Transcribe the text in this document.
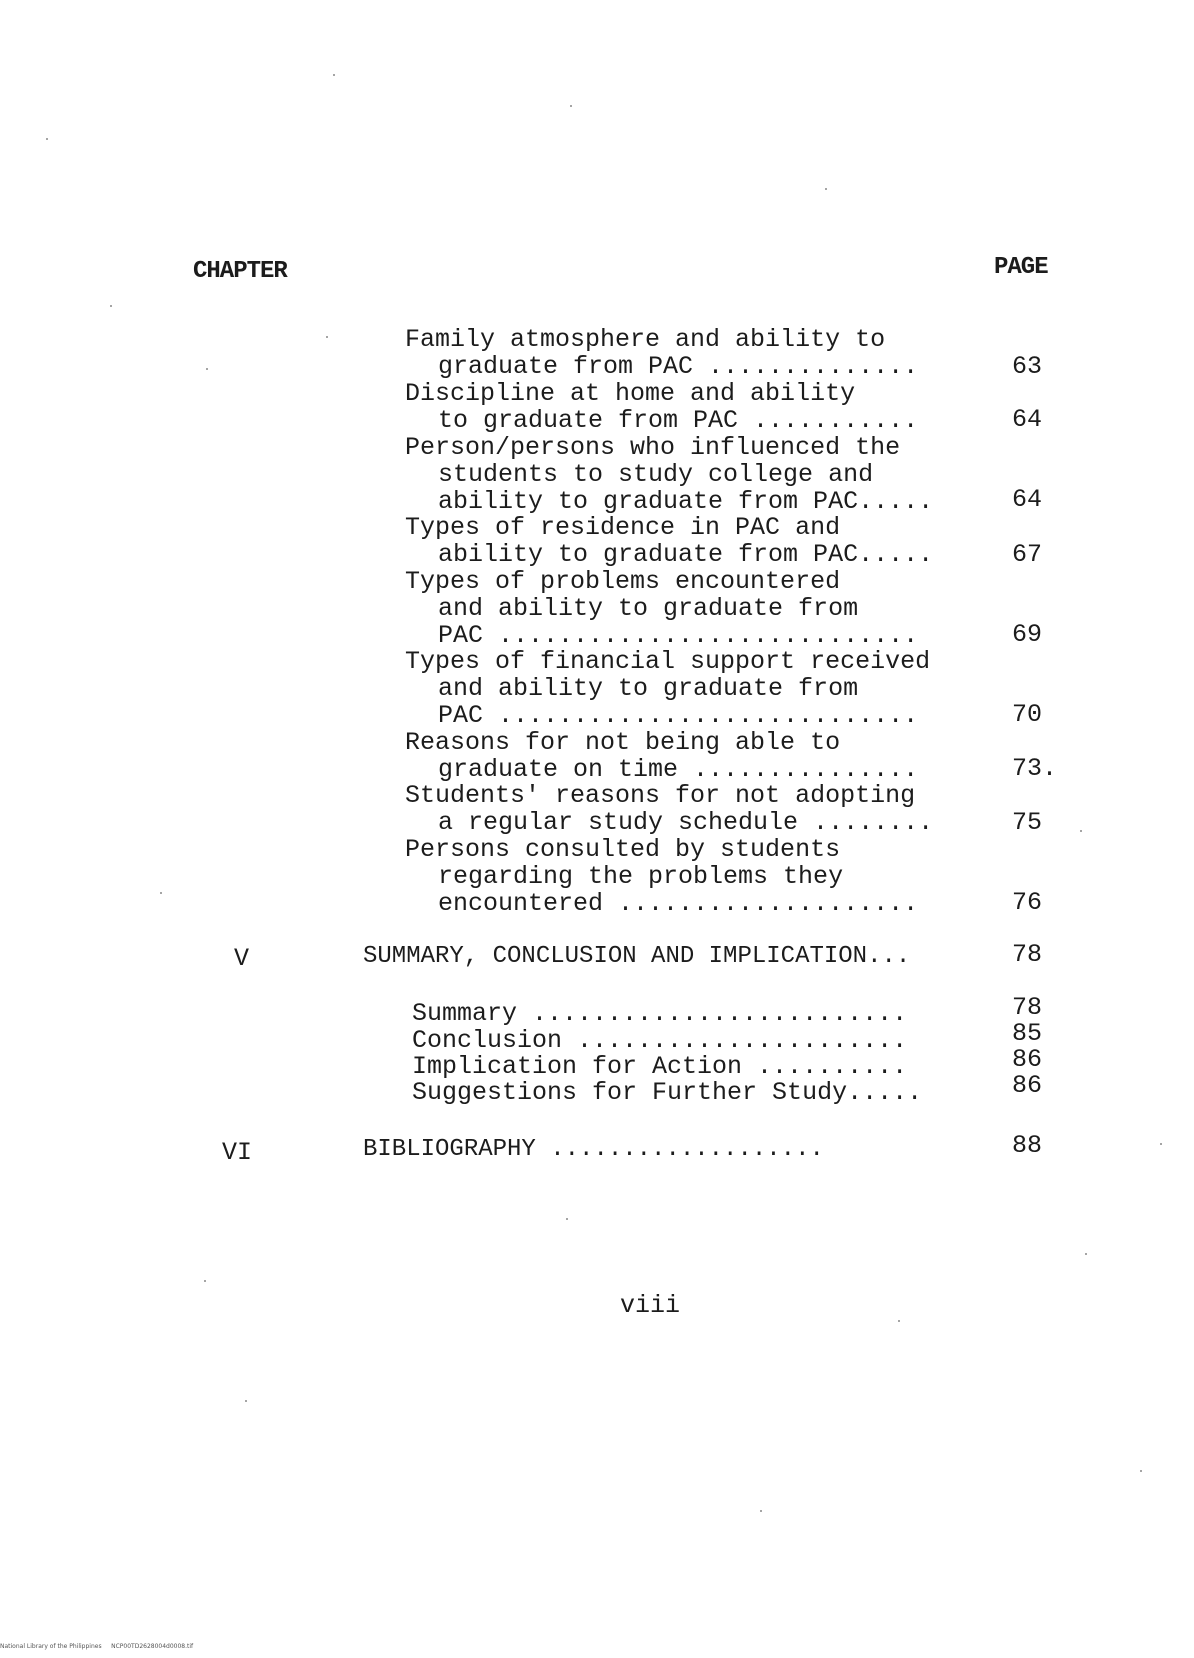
CHAPTER	PAGE
Family atmosphere and ability to
graduate from PAC ..............	63
Discipline at home and ability
to graduate from PAC ...........	64
Person/persons who influenced the
students to study college and
ability to graduate from PAC.....	64
Types of residence in PAC and
ability to graduate from PAC.....	67
Types of problems encountered
and ability to graduate from
PAC ............................	69
Types of financial support received
and ability to graduate from
PAC ............................	70
Reasons for not being able to
graduate on time ...............	73.
Students' reasons for not adopting
a regular study schedule ........	75
Persons consulted by students
regarding the problems they
encountered ....................	76
V	SUMMARY, CONCLUSION AND IMPLICATION...	78
Summary .........................	78
Conclusion ......................	85
Implication for Action ..........	86
Suggestions for Further Study.....	86
VI	BIBLIOGRAPHY ...................	88
viii
National Library of the Philippines     NCP00TD2628004d0008.tif
